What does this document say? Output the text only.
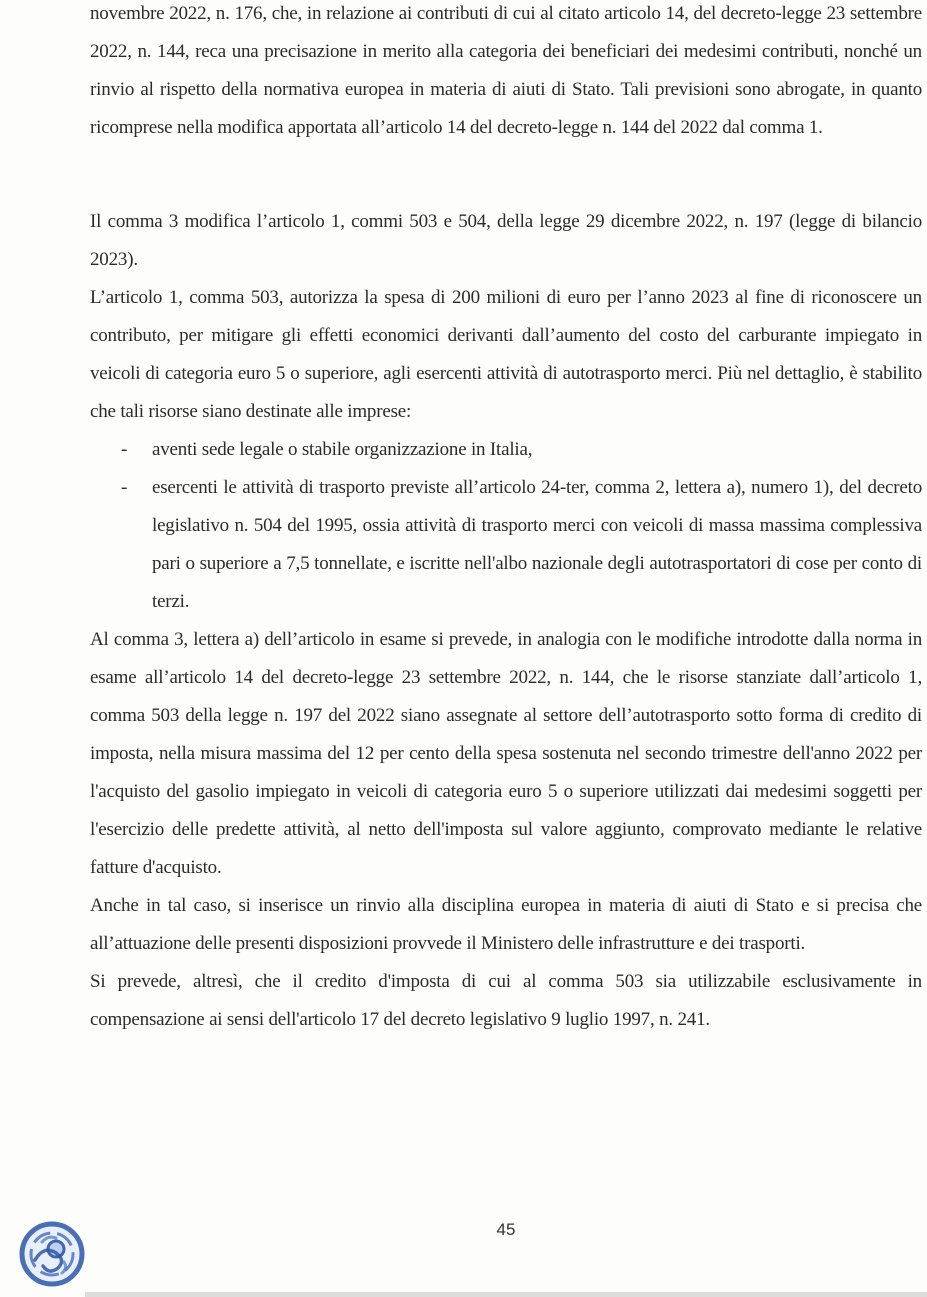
novembre 2022, n. 176, che, in relazione ai contributi di cui al citato articolo 14, del decreto-legge 23 settembre 2022, n. 144, reca una precisazione in merito alla categoria dei beneficiari dei medesimi contributi, nonché un rinvio al rispetto della normativa europea in materia di aiuti di Stato. Tali previsioni sono abrogate, in quanto ricomprese nella modifica apportata all’articolo 14 del decreto-legge n. 144 del 2022 dal comma 1.

Il comma 3 modifica l’articolo 1, commi 503 e 504, della legge 29 dicembre 2022, n. 197 (legge di bilancio 2023).

L’articolo 1, comma 503, autorizza la spesa di 200 milioni di euro per l’anno 2023 al fine di riconoscere un contributo, per mitigare gli effetti economici derivanti dall’aumento del costo del carburante impiegato in veicoli di categoria euro 5 o superiore, agli esercenti attività di autotrasporto merci. Più nel dettaglio, è stabilito che tali risorse siano destinate alle imprese:

- aventi sede legale o stabile organizzazione in Italia,
- esercenti le attività di trasporto previste all’articolo 24-ter, comma 2, lettera a), numero 1), del decreto legislativo n. 504 del 1995, ossia attività di trasporto merci con veicoli di massa massima complessiva pari o superiore a 7,5 tonnellate, e iscritte nell'albo nazionale degli autotrasportatori di cose per conto di terzi.

Al comma 3, lettera a) dell’articolo in esame si prevede, in analogia con le modifiche introdotte dalla norma in esame all’articolo 14 del decreto-legge 23 settembre 2022, n. 144, che le risorse stanziate dall’articolo 1, comma 503 della legge n. 197 del 2022 siano assegnate al settore dell’autotrasporto sotto forma di credito di imposta, nella misura massima del 12 per cento della spesa sostenuta nel secondo trimestre dell'anno 2022 per l'acquisto del gasolio impiegato in veicoli di categoria euro 5 o superiore utilizzati dai medesimi soggetti per l'esercizio delle predette attività, al netto dell'imposta sul valore aggiunto, comprovato mediante le relative fatture d'acquisto.

Anche in tal caso, si inserisce un rinvio alla disciplina europea in materia di aiuti di Stato e si precisa che all’attuazione delle presenti disposizioni provvede il Ministero delle infrastrutture e dei trasporti.

Si prevede, altresì, che il credito d'imposta di cui al comma 503 sia utilizzabile esclusivamente in compensazione ai sensi dell'articolo 17 del decreto legislativo 9 luglio 1997, n. 241.

45
